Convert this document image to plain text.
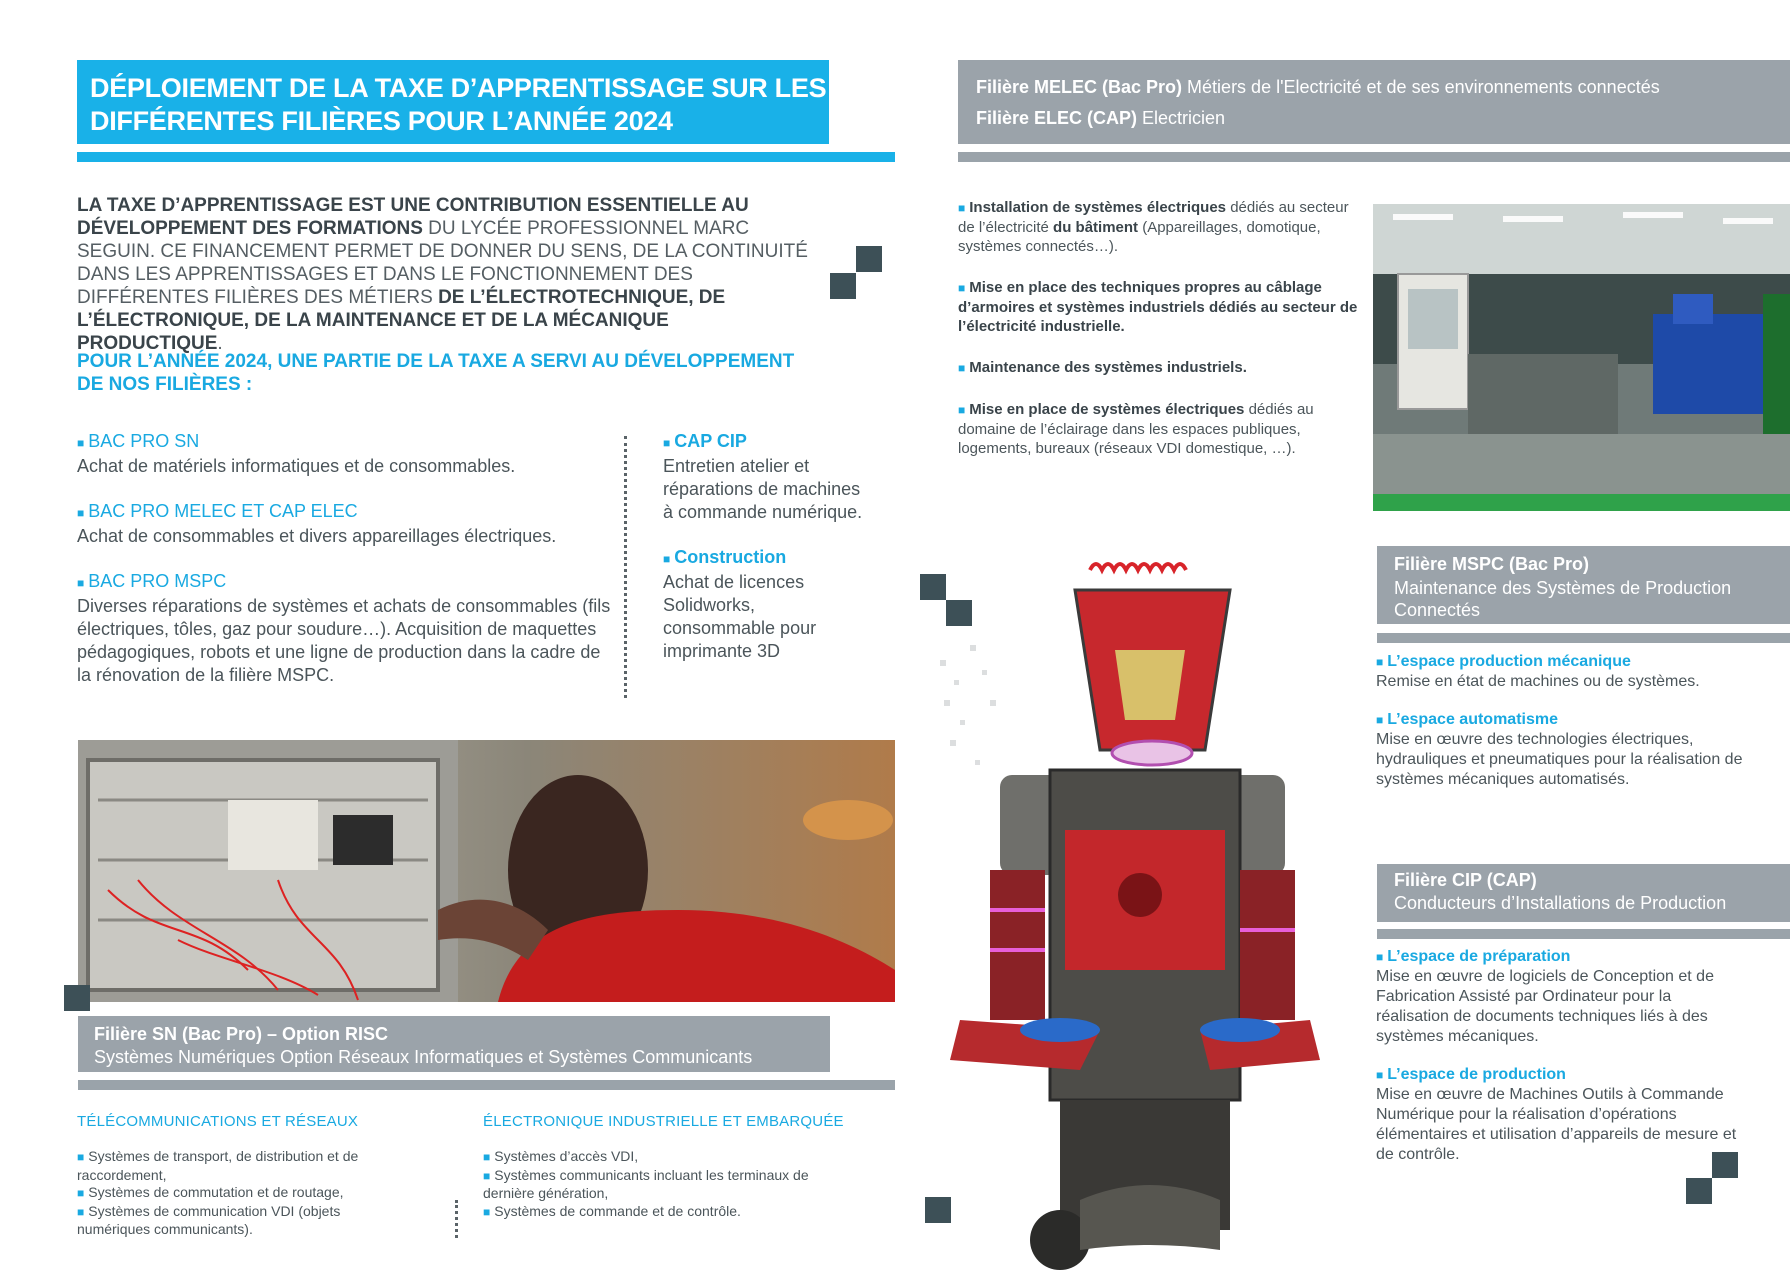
DÉPLOIEMENT DE LA TAXE D’APPRENTISSAGE SUR LES
DIFFÉRENTES FILIÈRES POUR L’ANNÉE 2024
LA TAXE D’APPRENTISSAGE EST UNE CONTRIBUTION ESSENTIELLE AU DÉVELOPPEMENT DES FORMATIONS DU LYCÉE PROFESSIONNEL MARC SEGUIN. CE FINANCEMENT PERMET DE DONNER DU SENS, DE LA CONTINUITÉ DANS LES APPRENTISSAGES ET DANS LE FONCTIONNEMENT DES DIFFÉRENTES FILIÈRES DES MÉTIERS DE L’ÉLECTROTECHNIQUE, DE L’ÉLECTRONIQUE, DE LA MAINTENANCE ET DE LA MÉCANIQUE PRODUCTIQUE.
POUR L’ANNÉE 2024, UNE PARTIE DE LA TAXE A SERVI AU DÉVELOPPEMENT DE NOS FILIÈRES :
■ BAC PRO SN
Achat de matériels informatiques et de consommables.
■ BAC PRO MELEC ET CAP ELEC
Achat de consommables et divers appareillages électriques.
■ BAC PRO MSPC
Diverses réparations de systèmes et achats de consommables (fils électriques, tôles, gaz pour soudure…). Acquisition de maquettes pédagogiques, robots et une ligne de production dans la cadre de la rénovation de la filière MSPC.
■ CAP CIP
Entretien atelier et réparations de machines à commande numérique.
■ Construction
Achat de licences Solidworks, consommable pour imprimante 3D
Filière SN (Bac Pro) – Option RISC
Systèmes Numériques Option Réseaux Informatiques et Systèmes Communicants
TÉLÉCOMMUNICATIONS ET RÉSEAUX
■ Systèmes de transport, de distribution et de raccordement,
■ Systèmes de commutation et de routage,
■ Systèmes de communication VDI (objets numériques communicants).
ÉLECTRONIQUE INDUSTRIELLE ET EMBARQUÉE
■ Systèmes d’accès VDI,
■ Systèmes communicants incluant les terminaux de dernière génération,
■ Systèmes de commande et de contrôle.
Filière MELEC (Bac Pro) Métiers de l'Electricité et de ses environnements connectés
Filière ELEC (CAP) Electricien

■ Installation de systèmes électriques dédiés au secteur de l’électricité du bâtiment (Appareillages, domotique, systèmes connectés…).

■ Mise en place des techniques propres au câblage d’armoires et systèmes industriels dédiés au secteur de l’électricité industrielle.

■ Maintenance des systèmes industriels.

■ Mise en place de systèmes électriques dédiés au domaine de l’éclairage dans les espaces publiques, logements, bureaux (réseaux VDI domestique, …).

Filière MSPC (Bac Pro)
Maintenance des Systèmes de Production Connectés
■ L’espace production mécanique
Remise en état de machines ou de systèmes.
■ L’espace automatisme
Mise en œuvre des technologies électriques, hydrauliques et pneumatiques pour la réalisation de systèmes mécaniques automatisés.
Filière CIP (CAP)
Conducteurs d’Installations de Production
■ L’espace de préparation
Mise en œuvre de logiciels de Conception et de Fabrication Assisté par Ordinateur pour la réalisation de documents techniques liés à des systèmes mécaniques.
■ L’espace de production
Mise en œuvre de Machines Outils à Commande Numérique pour la réalisation d’opérations élémentaires et utilisation d’appareils de mesure et de contrôle.
